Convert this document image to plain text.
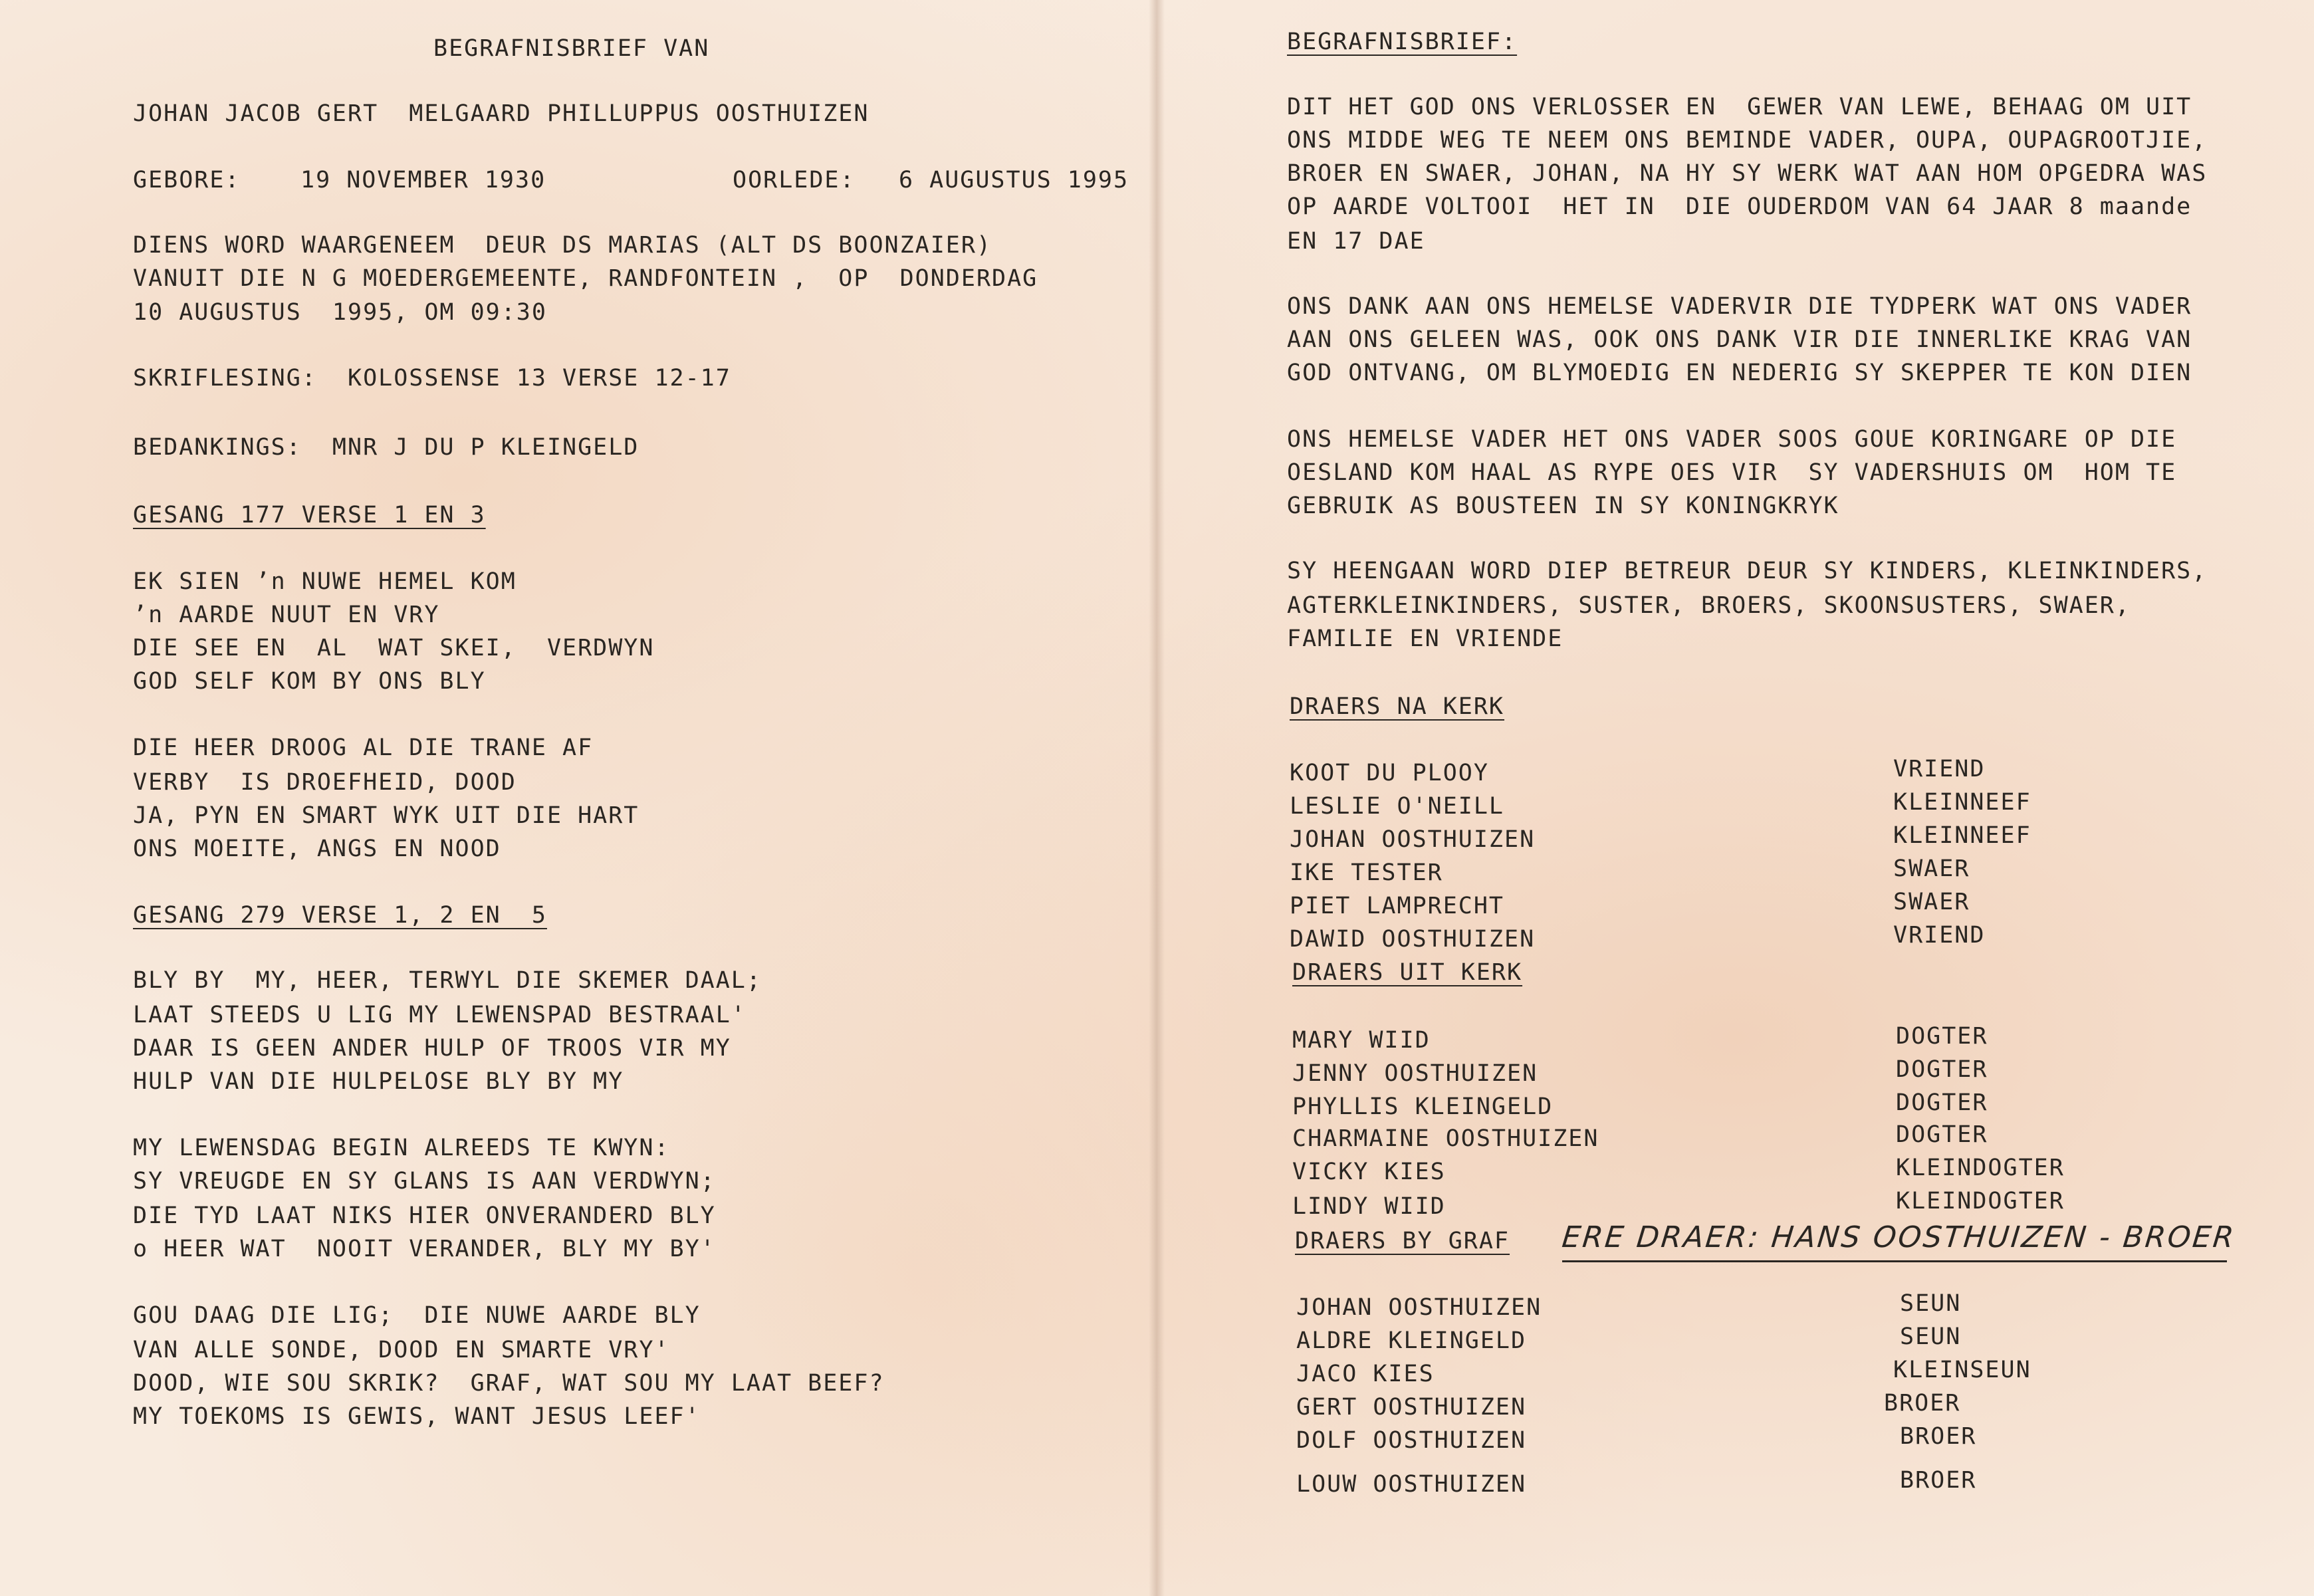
BEGRAFNISBRIEF VAN
JOHAN JACOB GERT  MELGAARD PHILLUPPUS OOSTHUIZEN
GEBORE:	19 NOVEMBER 1930	OORLEDE: 6 AUGUSTUS 1995
DIENS WORD WAARGENEEM  DEUR DS MARIAS (ALT DS BOONZAIER)
VANUIT DIE N G MOEDERGEMEENTE, RANDFONTEIN ,  OP  DONDERDAG
10 AUGUSTUS  1995, OM 09:30
SKRIFLESING:  KOLOSSENSE 13 VERSE 12-17
BEDANKINGS:  MNR J DU P KLEINGELD
GESANG 177 VERSE 1 EN 3
EK SIEN ʼn NUWE HEMEL KOM
ʼn AARDE NUUT EN VRY
DIE SEE EN  AL  WAT SKEI,  VERDWYN
GOD SELF KOM BY ONS BLY
DIE HEER DROOG AL DIE TRANE AF
VERBY  IS DROEFHEID, DOOD
JA, PYN EN SMART WYK UIT DIE HART
ONS MOEITE, ANGS EN NOOD
GESANG 279 VERSE 1, 2 EN  5
BLY BY  MY, HEER, TERWYL DIE SKEMER DAAL;
LAAT STEEDS U LIG MY LEWENSPAD BESTRAAL'
DAAR IS GEEN ANDER HULP OF TROOS VIR MY
HULP VAN DIE HULPELOSE BLY BY MY
MY LEWENSDAG BEGIN ALREEDS TE KWYN:
SY VREUGDE EN SY GLANS IS AAN VERDWYN;
DIE TYD LAAT NIKS HIER ONVERANDERD BLY
o HEER WAT  NOOIT VERANDER, BLY MY BY'
GOU DAAG DIE LIG;  DIE NUWE AARDE BLY
VAN ALLE SONDE, DOOD EN SMARTE VRY'
DOOD, WIE SOU SKRIK?  GRAF, WAT SOU MY LAAT BEEF?
MY TOEKOMS IS GEWIS, WANT JESUS LEEF'
BEGRAFNISBRIEF:
DIT HET GOD ONS VERLOSSER EN  GEWER VAN LEWE, BEHAAG OM UIT
ONS MIDDE WEG TE NEEM ONS BEMINDE VADER, OUPA, OUPAGROOTJIE,
BROER EN SWAER, JOHAN, NA HY SY WERK WAT AAN HOM OPGEDRA WAS
OP AARDE VOLTOOI  HET IN  DIE OUDERDOM VAN 64 JAAR 8 maande
EN 17 DAE
ONS DANK AAN ONS HEMELSE VADERVIR DIE TYDPERK WAT ONS VADER
AAN ONS GELEEN WAS, OOK ONS DANK VIR DIE INNERLIKE KRAG VAN
GOD ONTVANG, OM BLYMOEDIG EN NEDERIG SY SKEPPER TE KON DIEN
ONS HEMELSE VADER HET ONS VADER SOOS GOUE KORINGARE OP DIE
OESLAND KOM HAAL AS RYPE OES VIR  SY VADERSHUIS OM  HOM TE
GEBRUIK AS BOUSTEEN IN SY KONINGKRYK
SY HEENGAAN WORD DIEP BETREUR DEUR SY KINDERS, KLEINKINDERS,
AGTERKLEINKINDERS, SUSTER, BROERS, SKOONSUSTERS, SWAER,
FAMILIE EN VRIENDE
DRAERS NA KERK
KOOT DU PLOOY	VRIEND
LESLIE O'NEILL	KLEINNEEF
JOHAN OOSTHUIZEN	KLEINNEEF
IKE TESTER	SWAER
PIET LAMPRECHT	SWAER
DAWID OOSTHUIZEN	VRIEND
DRAERS UIT KERK
MARY WIID	DOGTER
JENNY OOSTHUIZEN	DOGTER
PHYLLIS KLEINGELD	DOGTER
CHARMAINE OOSTHUIZEN	DOGTER
VICKY KIES	KLEINDOGTER
LINDY WIID	KLEINDOGTER
DRAERS BY GRAF ERE DRAER: HANS OOSTHUIZEN - BROER
JOHAN OOSTHUIZEN	SEUN
ALDRE KLEINGELD	SEUN
JACO KIES	KLEINSEUN
GERT OOSTHUIZEN	BROER
DOLF OOSTHUIZEN	BROER
LOUW OOSTHUIZEN	BROER
